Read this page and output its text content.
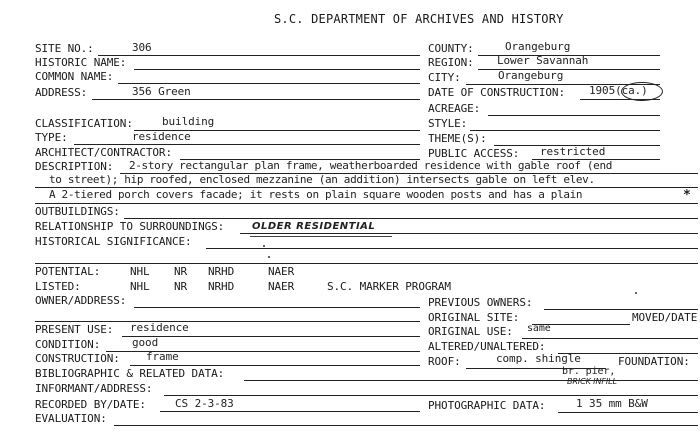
S.C. DEPARTMENT OF ARCHIVES AND HISTORY
SITE NO.:	306
HISTORIC NAME:
COMMON NAME:
ADDRESS:	356 Green
COUNTY:	Orangeburg
REGION: Lower Savannah
CITY:	Orangeburg
DATE OF CONSTRUCTION: 1905(ca.)
ACREAGE:
CLASSIFICATION:	building	STYLE:
TYPE:	residence	THEME(S):
ARCHITECT/CONTRACTOR:	PUBLIC ACCESS: restricted
DESCRIPTION: 2-story rectangular plan frame, weatherboarded residence with gable roof (end
to street); hip roofed, enclosed mezzanine (an addition) intersects gable on left elev.
A 2-tiered porch covers facade; it rests on plain square wooden posts and has a plain	*
OUTBUILDINGS:
RELATIONSHIP TO SURROUNDINGS:	OLDER RESIDENTIAL
HISTORICAL SIGNIFICANCE:
POTENTIAL:	NHL NR NRHD	NAER
LISTED:	NHL NR NRHD	NAER	S.C. MARKER PROGRAM
OWNER/ADDRESS:	PREVIOUS OWNERS:
ORIGINAL SITE:	MOVED/DATE
PRESENT USE: residence	ORIGINAL USE: same
CONDITION:	good	ALTERED/UNALTERED:
CONSTRUCTION: frame	ROOF:	comp. shingle	FOUNDATION:
br. pier,
BRICK INFILL
BIBLIOGRAPHIC & RELATED DATA:
INFORMANT/ADDRESS:
RECORDED BY/DATE:	CS 2-3-83	PHOTOGRAPHIC DATA:	1 35 mm B&W
EVALUATION:
